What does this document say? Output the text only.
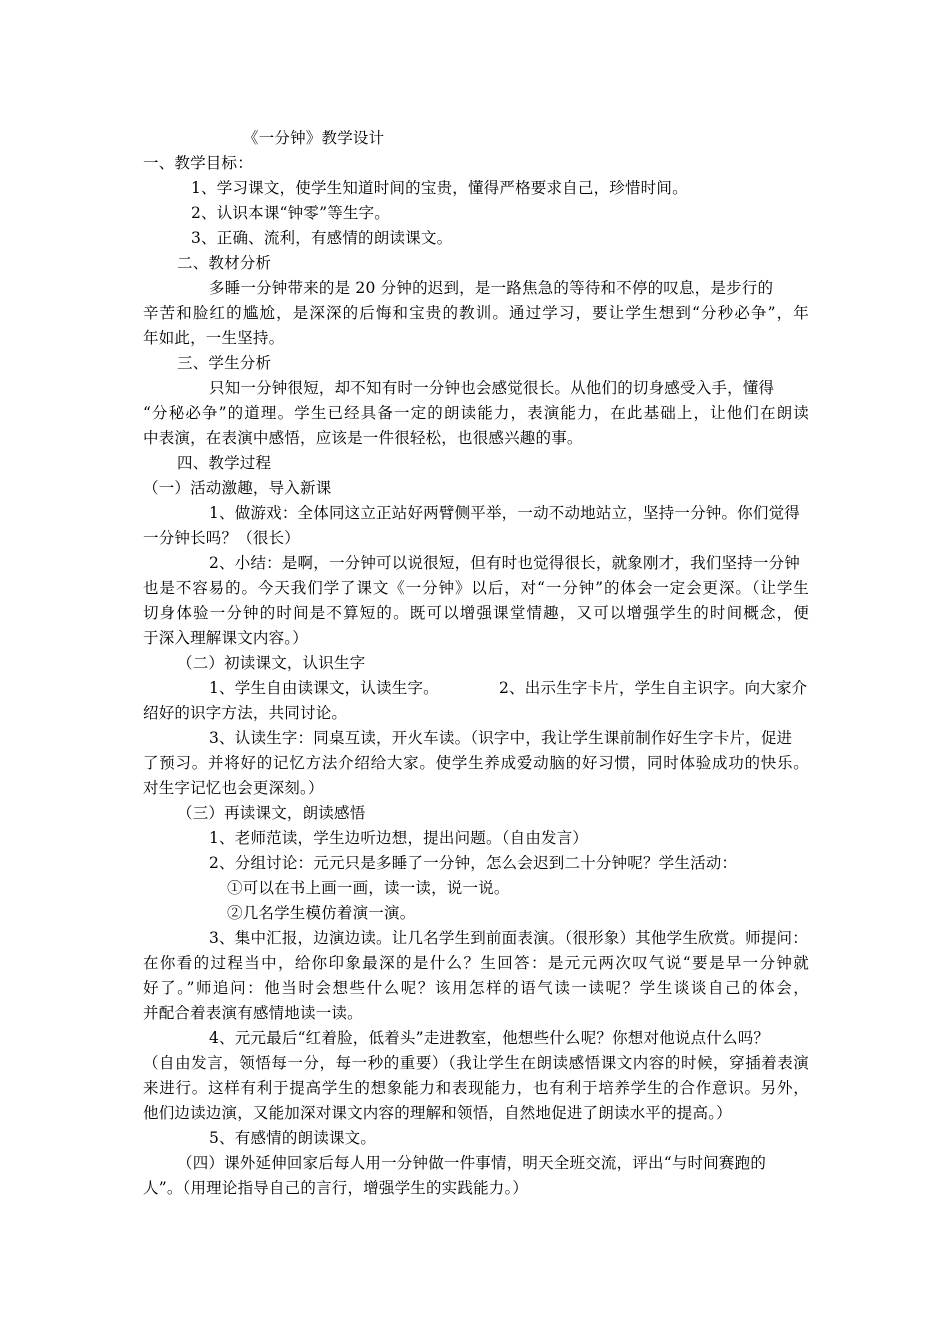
《一分钟》教学设计
一、教学目标：
1、学习课文，使学生知道时间的宝贵，懂得严格要求自己，珍惜时间。
2、认识本课“钟零”等生字。
3、正确、流利，有感情的朗读课文。
二、教材分析
多睡一分钟带来的是 20 分钟的迟到，是一路焦急的等待和不停的叹息，是步行的
辛苦和脸红的尴尬，是深深的后悔和宝贵的教训。通过学习，要让学生想到“分秒必争”，年
年如此，一生坚持。
三、学生分析
只知一分钟很短，却不知有时一分钟也会感觉很长。从他们的切身感受入手，懂得
“分秘必争”的道理。学生已经具备一定的朗读能力，表演能力，在此基础上，让他们在朗读
中表演，在表演中感悟，应该是一件很轻松，也很感兴趣的事。
四、教学过程
（一）活动激趣，导入新课
1、做游戏：全体同这立正站好两臂侧平举，一动不动地站立，坚持一分钟。你们觉得
一分钟长吗？（很长）
2、小结：是啊，一分钟可以说很短，但有时也觉得很长，就象刚才，我们坚持一分钟
也是不容易的。今天我们学了课文《一分钟》以后，对“一分钟”的体会一定会更深。（让学生
切身体验一分钟的时间是不算短的。既可以增强课堂情趣，又可以增强学生的时间概念，便
于深入理解课文内容。）
（二）初读课文，认识生字
1、学生自由读课文，认读生字。	2、出示生字卡片，学生自主识字。向大家介
绍好的识字方法，共同讨论。
3、认读生字：同桌互读，开火车读。（识字中，我让学生课前制作好生字卡片，促进
了预习。并将好的记忆方法介绍给大家。使学生养成爱动脑的好习惯，同时体验成功的快乐。
对生字记忆也会更深刻。）
（三）再读课文，朗读感悟
1、老师范读，学生边听边想，提出问题。（自由发言）
2、分组讨论：元元只是多睡了一分钟，怎么会迟到二十分钟呢？学生活动：
①可以在书上画一画，读一读，说一说。
②几名学生模仿着演一演。
3、集中汇报，边演边读。让几名学生到前面表演。（很形象）其他学生欣赏。师提问：
在你看的过程当中，给你印象最深的是什么？生回答：是元元两次叹气说“要是早一分钟就
好了。”师追问：他当时会想些什么呢？该用怎样的语气读一读呢？学生谈谈自己的体会，
并配合着表演有感情地读一读。
4、元元最后“红着脸，低着头”走进教室，他想些什么呢？你想对他说点什么吗？
（自由发言，领悟每一分，每一秒的重要）（我让学生在朗读感悟课文内容的时候，穿插着表演
来进行。这样有利于提高学生的想象能力和表现能力，也有利于培养学生的合作意识。另外，
他们边读边演，又能加深对课文内容的理解和领悟，自然地促进了朗读水平的提高。）
5、有感情的朗读课文。
（四）课外延伸回家后每人用一分钟做一件事情，明天全班交流，评出“与时间赛跑的
人”。（用理论指导自己的言行，增强学生的实践能力。）
